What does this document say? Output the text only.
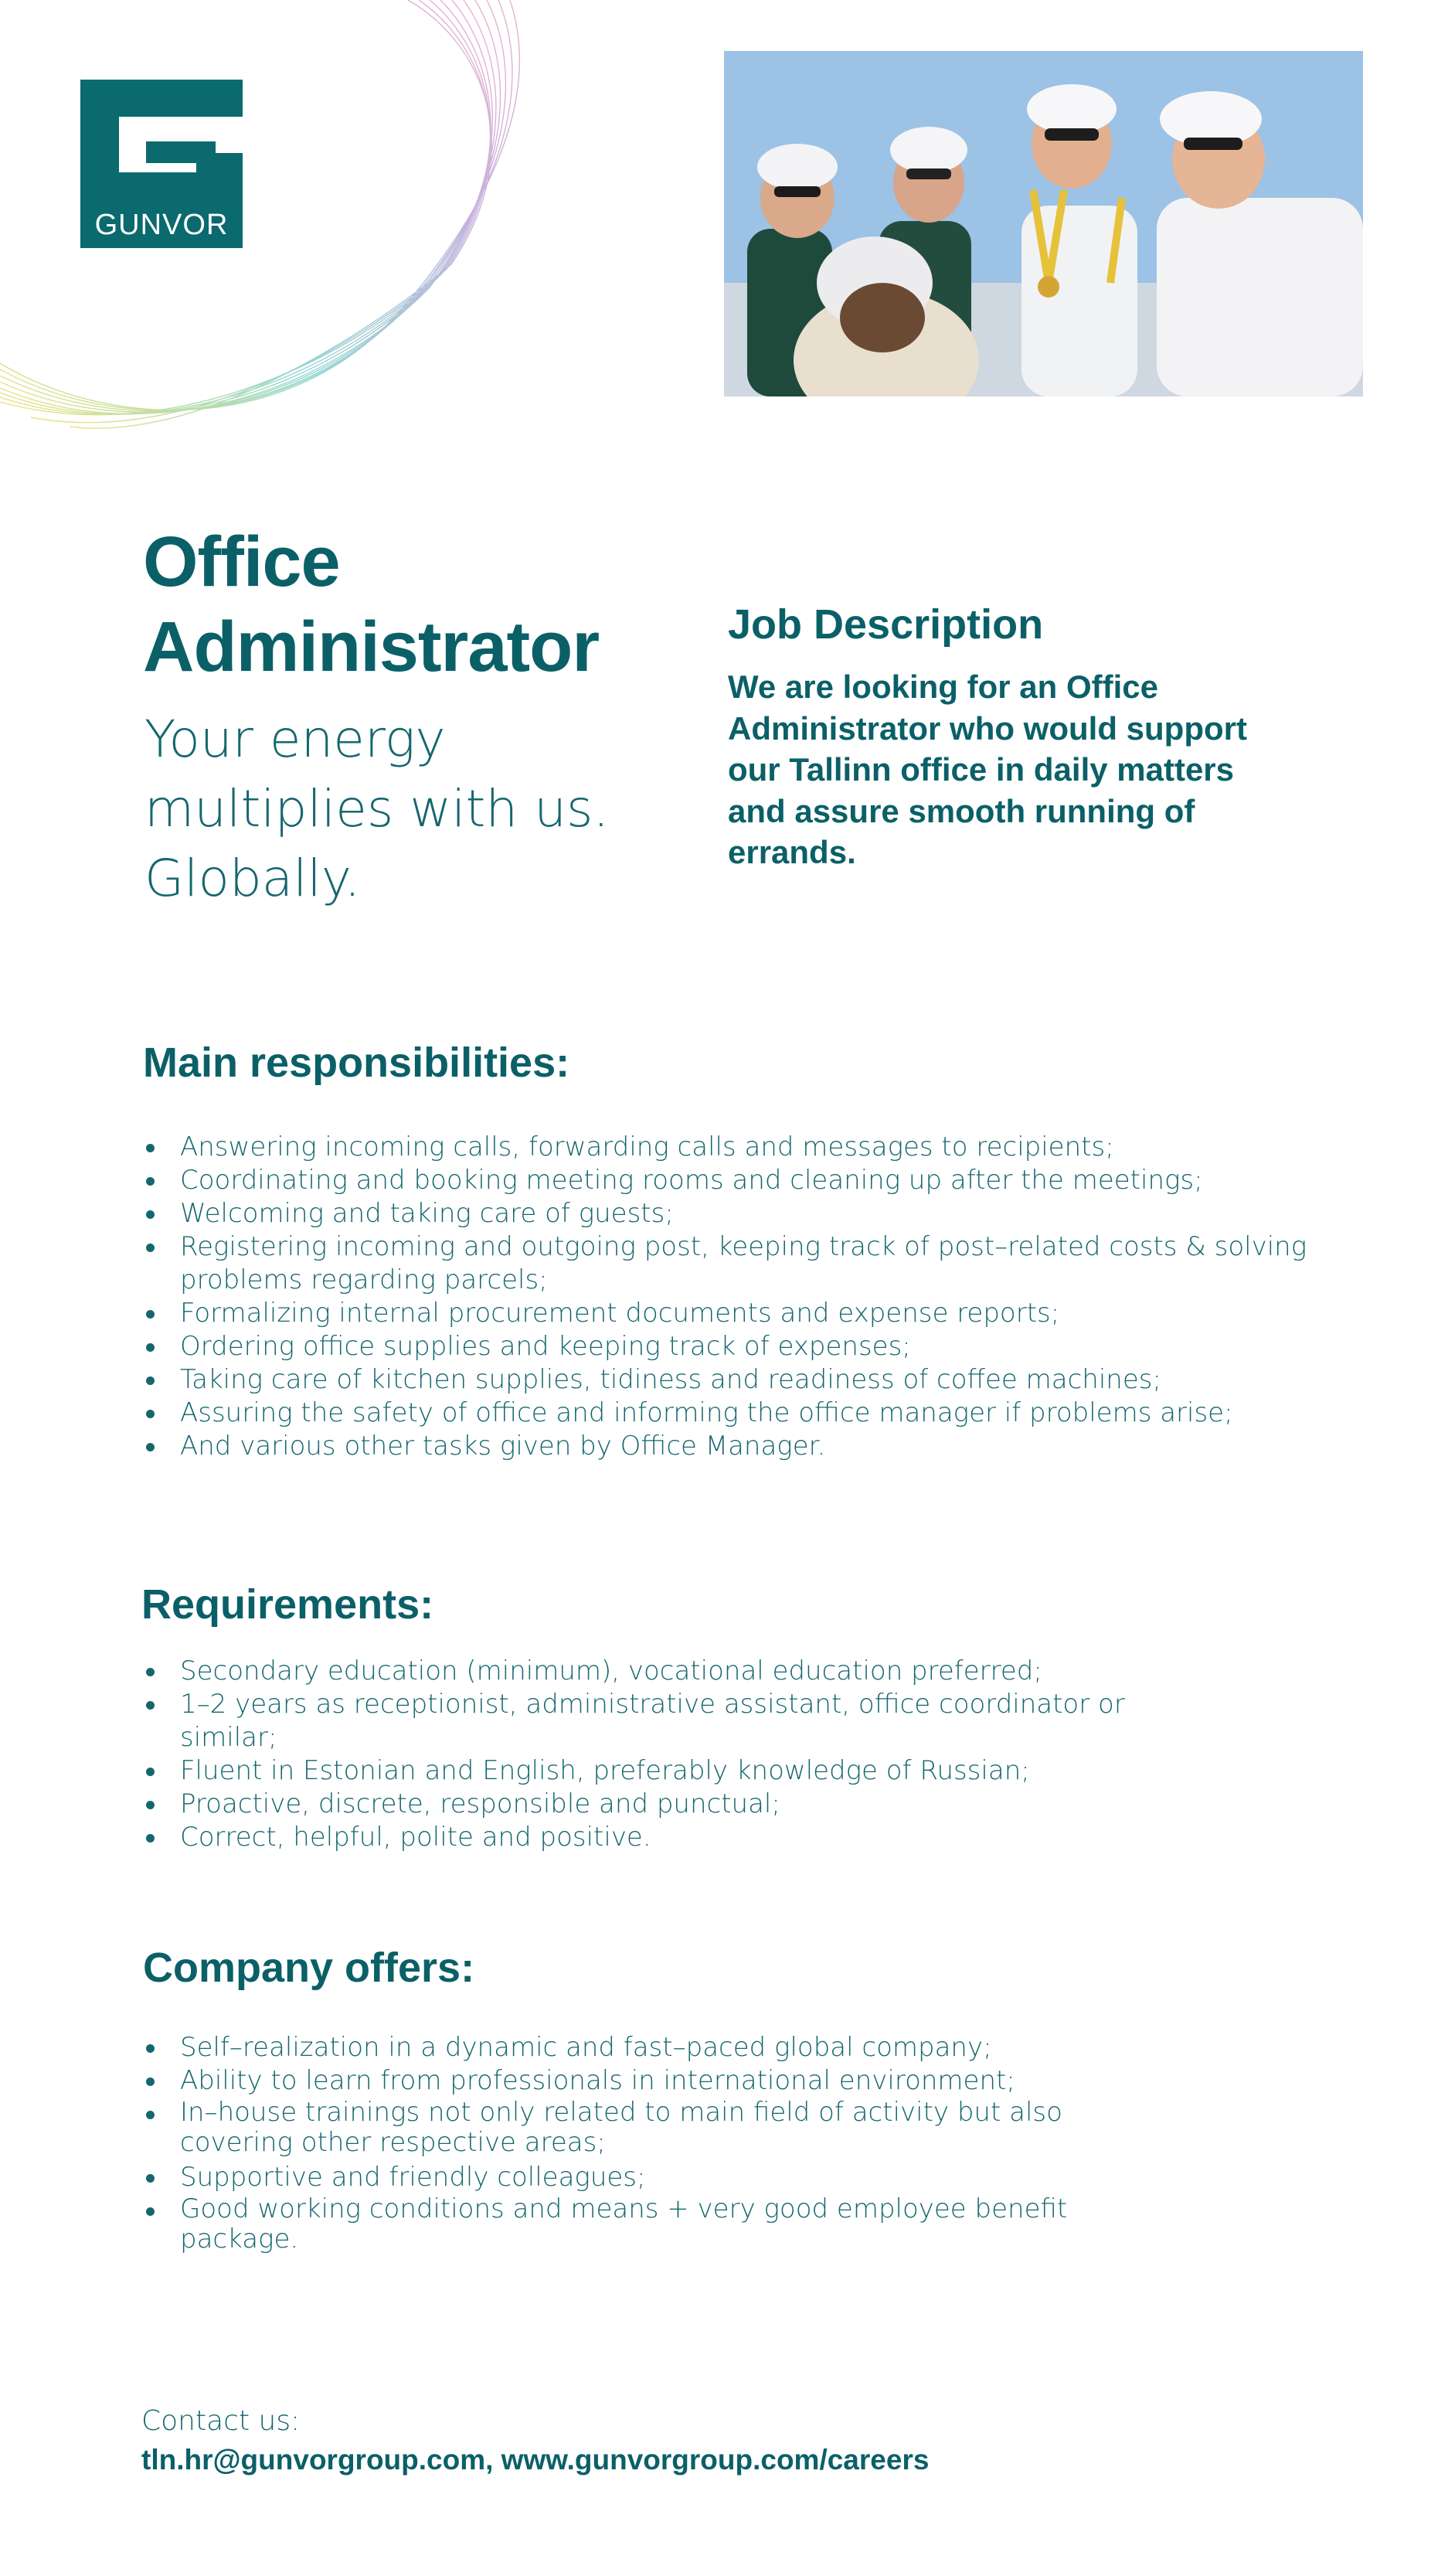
GUNVOR
Office
Administrator

Your energy
multiplies with us.
Globally.

Job Description

We are looking for an Office Administrator who would support our Tallinn office in daily matters and assure smooth running of errands.

Main responsibilities:
Answering incoming calls, forwarding calls and messages to recipients;
Coordinating and booking meeting rooms and cleaning up after the meetings;
Welcoming and taking care of guests;
Registering incoming and outgoing post, keeping track of post–related costs & solving problems regarding parcels;
Formalizing internal procurement documents and expense reports;
Ordering office supplies and keeping track of expenses;
Taking care of kitchen supplies, tidiness and readiness of coffee machines;
Assuring the safety of office and informing the office manager if problems arise;
And various other tasks given by Office Manager.
Requirements:
Secondary education (minimum), vocational education preferred;
1–2 years as receptionist, administrative assistant, office coordinator or similar;
Fluent in Estonian and English, preferably knowledge of Russian;
Proactive, discrete, responsible and punctual;
Correct, helpful, polite and positive.
Company offers:
Self–realization in a dynamic and fast–paced global company;
Ability to learn from professionals in international environment;
In–house trainings not only related to main field of activity but also covering other respective areas;
Supportive and friendly colleagues;
Good working conditions and means + very good employee benefit package.

Contact us:

tln.hr@gunvorgroup.com, www.gunvorgroup.com/careers
